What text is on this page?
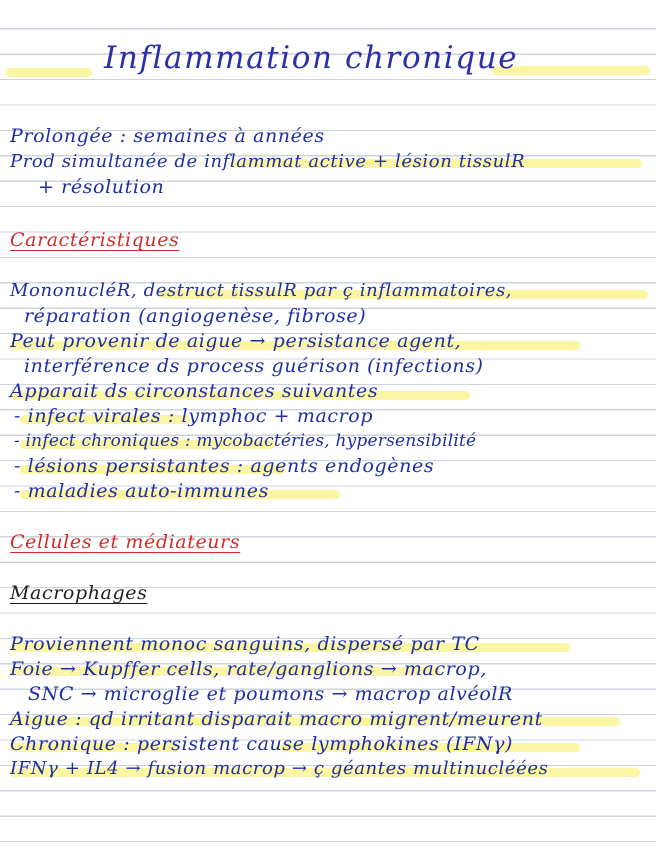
Inflammation chronique
Prolongée : semaines à années
Prod simultanée de inflammat active + lésion tissulR
+ résolution
Caractéristiques
MononucléR, destruct tissulR par ç inflammatoires,
réparation (angiogenèse, fibrose)
Peut provenir de aigue → persistance agent,
interférence ds process guérison (infections)
Apparait ds circonstances suivantes
- infect virales : lymphoc + macrop
- infect chroniques : mycobactéries, hypersensibilité
- lésions persistantes : agents endogènes
- maladies auto-immunes
Cellules et médiateurs
Macrophages
Proviennent monoc sanguins, dispersé par TC
Foie → Kupffer cells, rate/ganglions → macrop,
SNC → microglie et poumons → macrop alvéolR
Aigue : qd irritant disparait macro migrent/meurent
Chronique : persistent cause lymphokines (IFNγ)
IFNγ + IL4 → fusion macrop → ç géantes multinucléées
